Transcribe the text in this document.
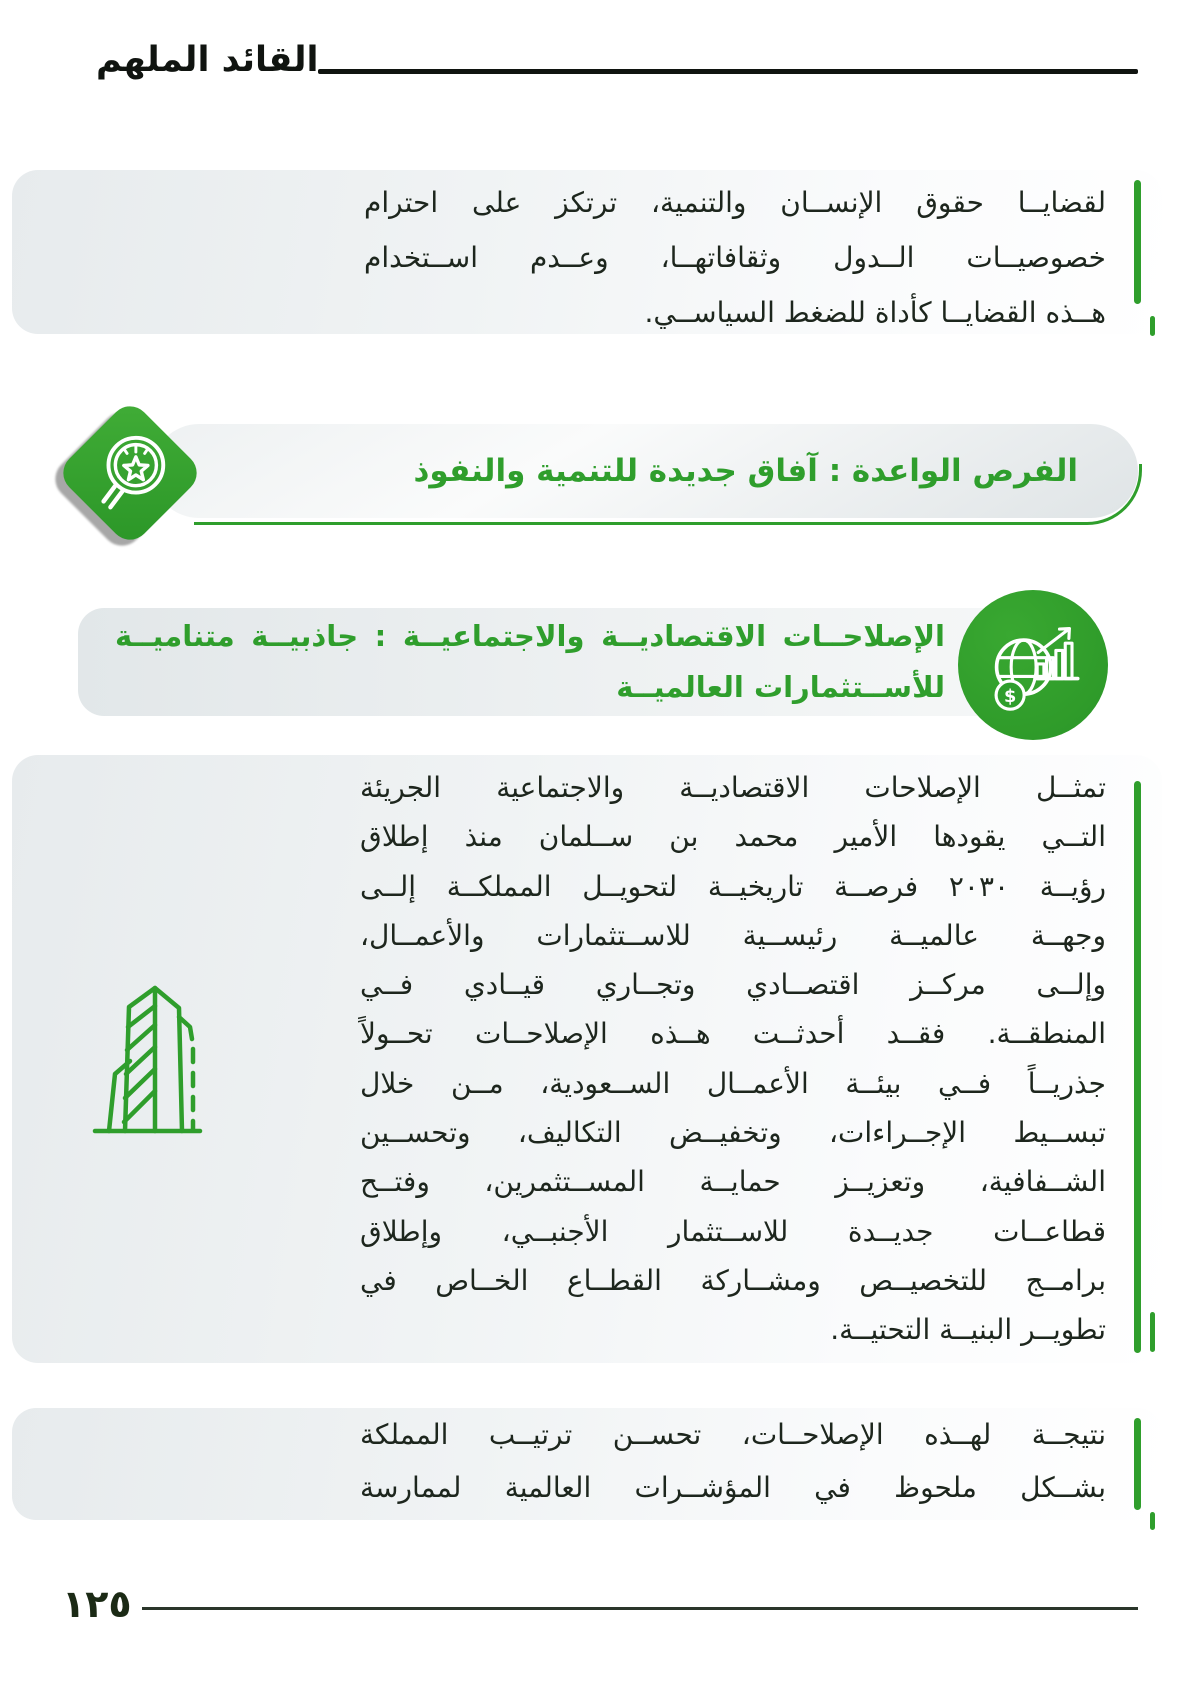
القائد الملهم
لقضايــا حقوق الإنســان والتنمية، ترتكز على احترام
خصوصيــات الــدول وثقافاتهــا، وعــدم اســتخدام
هــذه القضايــا كأداة للضغط السياســي.
الفرص الواعدة : آفاق جديدة للتنمية والنفوذ
الإصلاحــات الاقتصاديــة والاجتماعيــة : جاذبيــة متناميــة
للأســتثمارات العالميــة	$
تمثــل الإصلاحات الاقتصاديــة والاجتماعية الجريئة
التــي يقودها الأمير محمد بن ســلمان منذ إطلاق
رؤيــة ٢٠٣٠ فرصــة تاريخيــة لتحويــل المملكــة إلــى
وجهــة عالميــة رئيســية للاســتثمارات والأعمــال،
وإلــى مركــز اقتصــادي وتجــاري قيــادي فــي
المنطقــة. فقــد أحدثــت هــذه الإصلاحــات تحــولاً
جذريــاً فــي بيئــة الأعمــال الســعودية، مــن خلال
تبســيط الإجــراءات، وتخفيــض التكاليف، وتحســين
الشــفافية، وتعزيــز حمايــة المســتثمرين، وفتــح
قطاعــات جديــدة للاســتثمار الأجنبــي، وإطلاق
برامــج للتخصيــص ومشــاركة القطــاع الخــاص في
تطويــر البنيــة التحتيــة.
نتيجــة لهــذه الإصلاحــات، تحســن ترتيــب المملكة
بشــكل ملحوظ في المؤشــرات العالمية لممارسة
١٢٥
